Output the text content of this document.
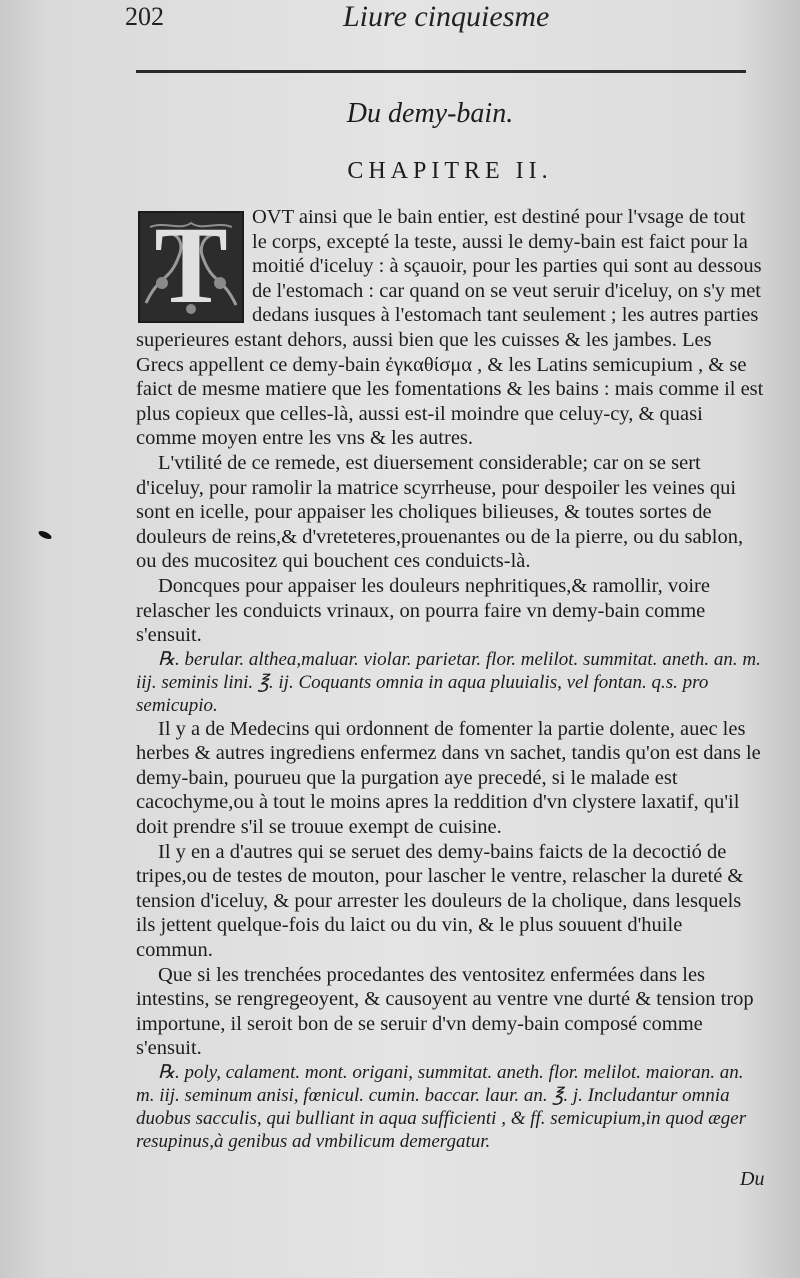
202	Liure cinquiesme
Du demy-bain.
CHAPITRE II.
T	OVT ainsi que le bain entier, est destiné pour l'vsage de tout le corps, excepté la teste, aussi le demy-bain est faict pour la moitié d'iceluy : à sçauoir, pour les parties qui sont au dessous de l'estomach : car quand on se veut seruir d'iceluy, on s'y met dedans iusques à l'estomach tant seulement ; les autres parties superieures estant dehors, aussi bien que les cuisses & les jambes. Les Grecs appellent ce demy-bain ἐγκαθίσμα , & les Latins semicupium , & se faict de mesme matiere que les fomentations & les bains : mais comme il est plus copieux que celles-là, aussi est-il moindre que celuy-cy, & quasi comme moyen entre les vns & les autres.

L'vtilité de ce remede, est diuersement considerable; car on se sert d'iceluy, pour ramolir la matrice scyrrheuse, pour despoiler les veines qui sont en icelle, pour appaiser les choliques bilieuses, & toutes sortes de douleurs de reins,& d'vreteteres,prouenantes ou de la pierre, ou du sablon, ou des mucositez qui bouchent ces conduicts-là.

Doncques pour appaiser les douleurs nephritiques,& ramollir, voire relascher les conduicts vrinaux, on pourra faire vn demy-bain comme s'ensuit.

℞. berular. althea,maluar. violar. parietar. flor. melilot. summitat. aneth. an. m. iij. seminis lini. ℥. ij. Coquants omnia in aqua pluuialis, vel fontan. q.s. pro semicupio.

Il y a de Medecins qui ordonnent de fomenter la partie dolente, auec les herbes & autres ingrediens enfermez dans vn sachet, tandis qu'on est dans le demy-bain, pourueu que la purgation aye precedé, si le malade est cacochyme,ou à tout le moins apres la reddition d'vn clystere laxatif, qu'il doit prendre s'il se trouue exempt de cuisine.

Il y en a d'autres qui se seruet des demy-bains faicts de la decoctió de tripes,ou de testes de mouton, pour lascher le ventre, relascher la dureté & tension d'iceluy, & pour arrester les douleurs de la cholique, dans lesquels ils jettent quelque-fois du laict ou du vin, & le plus souuent d'huile commun.

Que si les trenchées procedantes des ventositez enfermées dans les intestins, se rengregeoyent, & causoyent au ventre vne durté & tension trop importune, il seroit bon de se seruir d'vn demy-bain composé comme s'ensuit.

℞. poly, calament. mont. origani, summitat. aneth. flor. melilot. maioran. an. m. iij. seminum anisi, fœnicul. cumin. baccar. laur. an. ℥. j. Includantur omnia duobus sacculis, qui bulliant in aqua sufficienti , & ff. semicupium,in quod æger resupinus,à genibus ad vmbilicum demergatur.

Du
